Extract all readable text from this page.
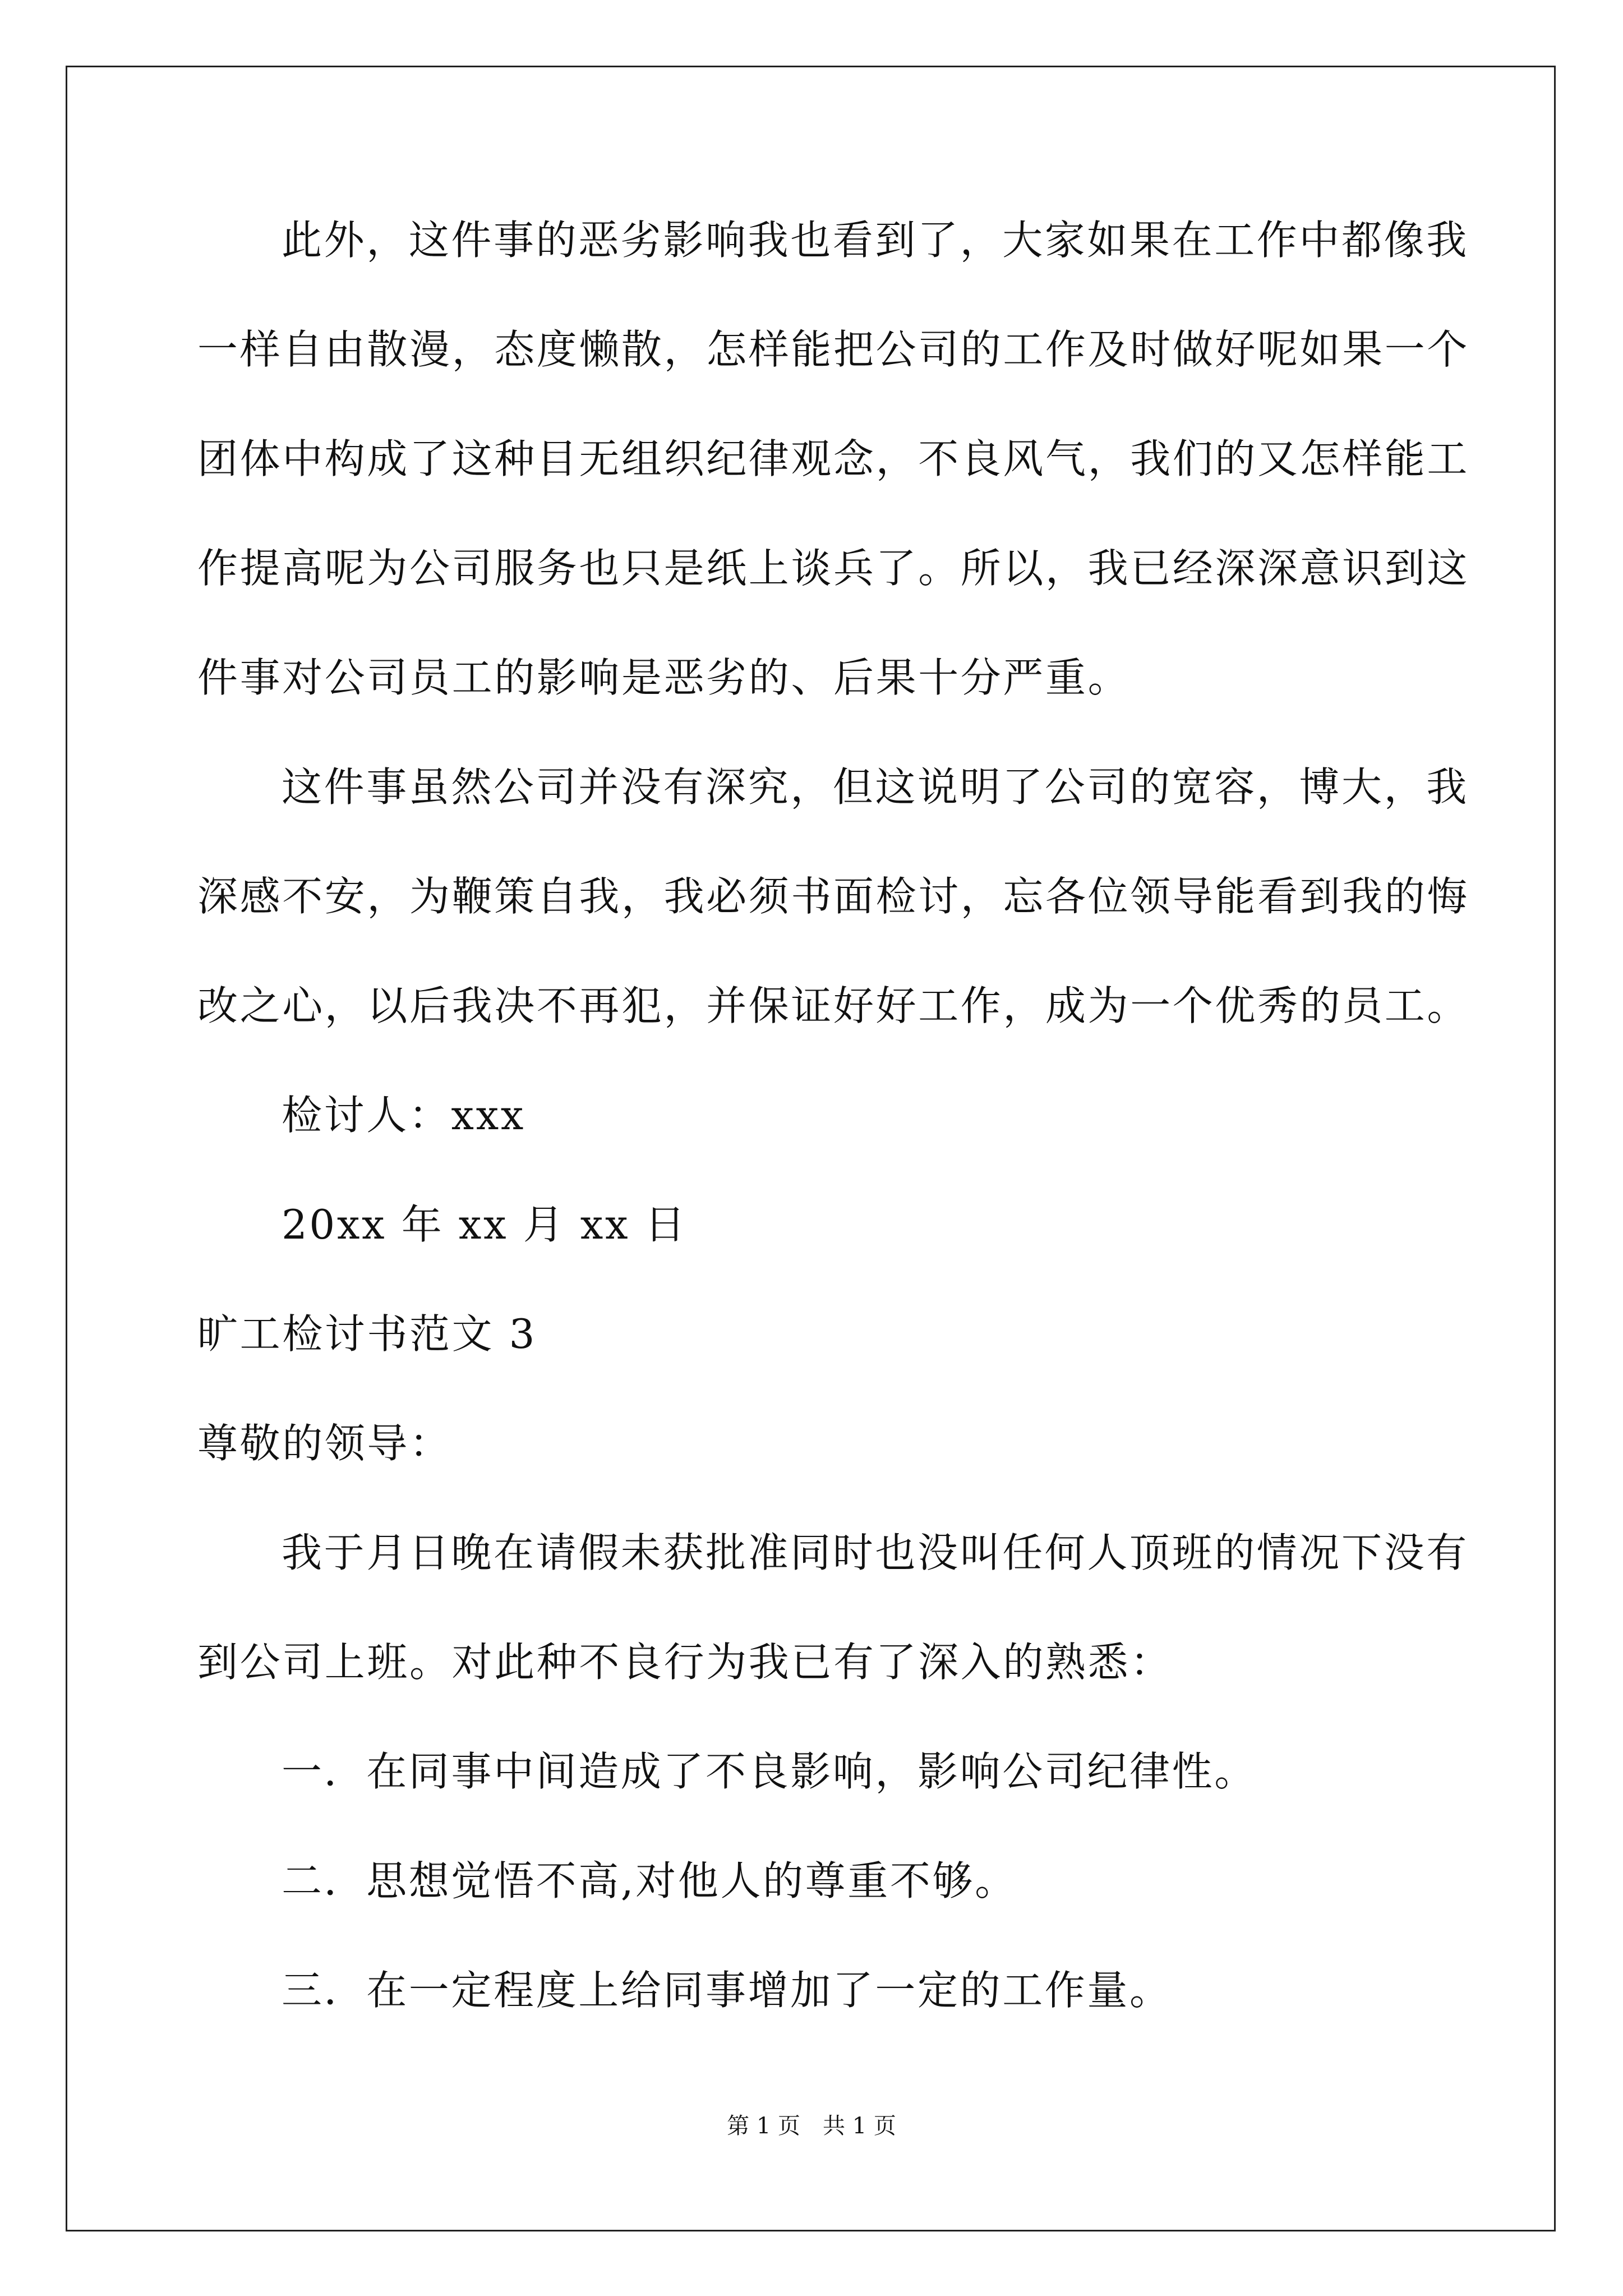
此外，这件事的恶劣影响我也看到了，大家如果在工作中都像我
一样自由散漫，态度懒散，怎样能把公司的工作及时做好呢如果一个
团体中构成了这种目无组织纪律观念，不良风气，我们的又怎样能工
作提高呢为公司服务也只是纸上谈兵了。所以，我已经深深意识到这
件事对公司员工的影响是恶劣的、后果十分严重。
这件事虽然公司并没有深究，但这说明了公司的宽容，博大，我
深感不安，为鞭策自我，我必须书面检讨，忘各位领导能看到我的悔
改之心，以后我决不再犯，并保证好好工作，成为一个优秀的员工。
检讨人：xxx
20xx 年 xx 月 xx 日
旷工检讨书范文 3
尊敬的领导：
我于月日晚在请假未获批准同时也没叫任何人顶班的情况下没有
到公司上班。对此种不良行为我已有了深入的熟悉：
一．在同事中间造成了不良影响，影响公司纪律性。
二．思想觉悟不高,对他人的尊重不够。
三．在一定程度上给同事增加了一定的工作量。
第 1 页　共 1 页
